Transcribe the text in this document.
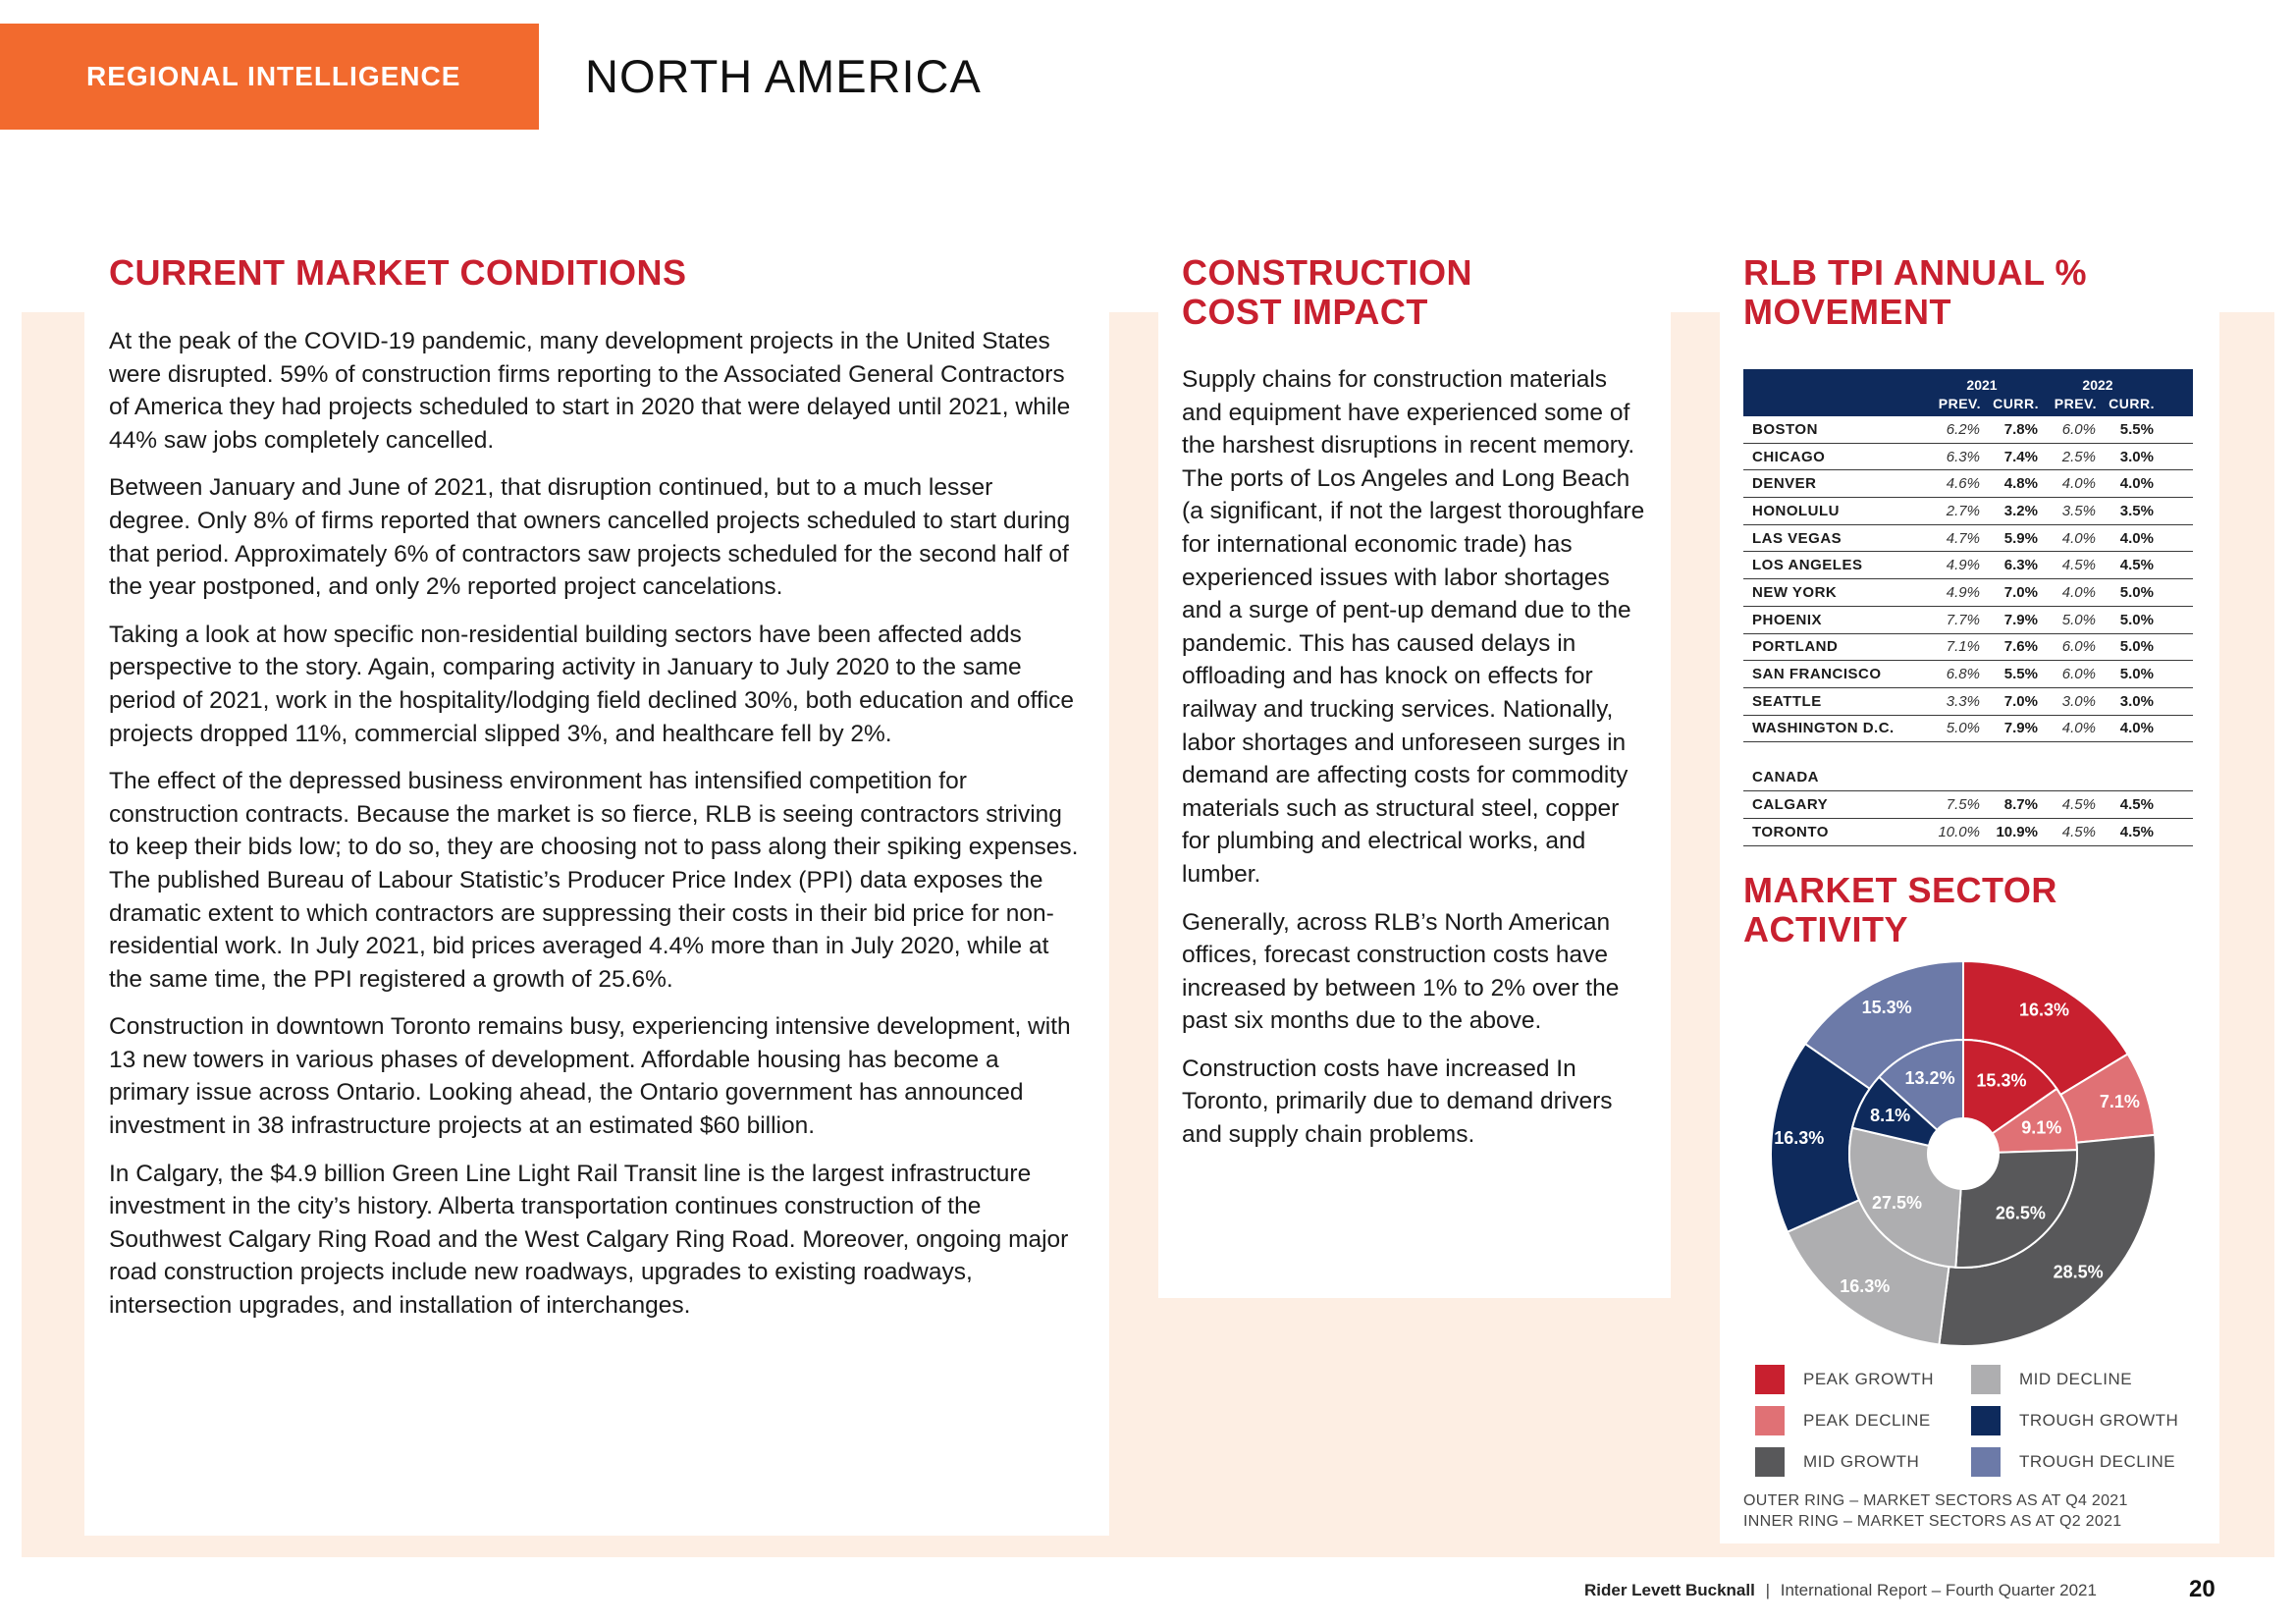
REGIONAL INTELLIGENCE	NORTH AMERICA
CURRENT MARKET CONDITIONS

At the peak of the COVID-19 pandemic, many development projects in the United States were disrupted. 59% of construction firms reporting to the Associated General Contractors of America they had projects scheduled to start in 2020 that were delayed until 2021, while 44% saw jobs completely cancelled.

Between January and June of 2021, that disruption continued, but to a much lesser degree. Only 8% of firms reported that owners cancelled projects scheduled to start during that period. Approximately 6% of contractors saw projects scheduled for the second half of the year postponed, and only 2% reported project cancelations.

Taking a look at how specific non-residential building sectors have been affected adds perspective to the story. Again, comparing activity in January to July 2020 to the same period of 2021, work in the hospitality/lodging field declined 30%, both education and office projects dropped 11%, commercial slipped 3%, and healthcare fell by 2%.

The effect of the depressed business environment has intensified competition for construction contracts. Because the market is so fierce, RLB is seeing contractors striving to keep their bids low; to do so, they are choosing not to pass along their spiking expenses. The published Bureau of Labour Statistic’s Producer Price Index (PPI) data exposes the dramatic extent to which contractors are suppressing their costs in their bid price for non-residential work. In July 2021, bid prices averaged 4.4% more than in July 2020, while at the same time, the PPI registered a growth of 25.6%.

Construction in downtown Toronto remains busy, experiencing intensive development, with 13 new towers in various phases of development. Affordable housing has become a primary issue across Ontario. Looking ahead, the Ontario government has announced investment in 38 infrastructure projects at an estimated $60 billion.

In Calgary, the $4.9 billion Green Line Light Rail Transit line is the largest infrastructure investment in the city’s history. Alberta transportation continues construction of the Southwest Calgary Ring Road and the West Calgary Ring Road. Moreover, ongoing major road construction projects include new roadways, upgrades to existing roadways, intersection upgrades, and installation of interchanges.

CONSTRUCTION
COST IMPACT

Supply chains for construction materials and equipment have experienced some of the harshest disruptions in recent memory. The ports of Los Angeles and Long Beach (a significant, if not the largest thoroughfare for international economic trade) has experienced issues with labor shortages and a surge of pent-up demand due to the pandemic. This has caused delays in offloading and has knock on effects for railway and trucking services. Nationally, labor shortages and unforeseen surges in demand are affecting costs for commodity materials such as structural steel, copper for plumbing and electrical works, and lumber.

Generally, across RLB’s North American offices, forecast construction costs have increased by between 1% to 2% over the past six months due to the above.

Construction costs have increased In Toronto, primarily due to demand drivers and supply chain problems.

RLB TPI ANNUAL %
MOVEMENT
2021	2022
PREV. CURR.	PREV. CURR.
BOSTON	6.2%	7.8%	6.0%	5.5%
CHICAGO	6.3%	7.4%	2.5%	3.0%
DENVER	4.6%	4.8%	4.0%	4.0%
HONOLULU	2.7%	3.2%	3.5%	3.5%
LAS VEGAS	4.7%	5.9%	4.0%	4.0%
LOS ANGELES	4.9%	6.3%	4.5%	4.5%
NEW YORK	4.9%	7.0%	4.0%	5.0%
PHOENIX	7.7%	7.9%	5.0%	5.0%
PORTLAND	7.1%	7.6%	6.0%	5.0%
SAN FRANCISCO	6.8%	5.5%	6.0%	5.0%
SEATTLE	3.3%	7.0%	3.0%	3.0%
WASHINGTON D.C.	5.0%	7.9%	4.0%	4.0%
CANADA
CALGARY	7.5%	8.7%	4.5%	4.5%
TORONTO	10.0%	10.9%	4.5%	4.5%
MARKET SECTOR
ACTIVITY
16.3%
7.1%
28.5%
16.3%
16.3%
15.3%
15.3%
9.1%
26.5%
27.5%
8.1%
13.2%
PEAK GROWTH
PEAK DECLINE
MID GROWTH
MID DECLINE
TROUGH GROWTH
TROUGH DECLINE
OUTER RING – MARKET SECTORS AS AT Q4 2021
INNER RING – MARKET SECTORS AS AT Q2 2021
Rider Levett Bucknall | International Report – Fourth Quarter 2021	20
